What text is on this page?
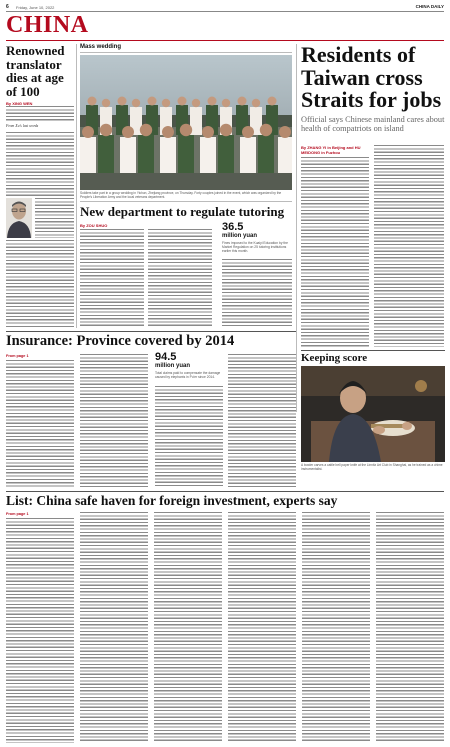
6 Friday, June 10, 2022	CHINA DAILY
CHINA
Renowned translator dies at age of 100
By XING WEN
From Xu's last words
Mass wedding
Soldiers take part in a group wedding in Yichun, Zhejiang province, on Thursday. Forty couples joined in the event, which was organized by the People's Liberation Army and the local veterans department.
New department to regulate tutoring
By ZOU SHUO	36.5
million yuan
Fines imposed to the Kuaiyi Education by the Market Regulation on 25 tutoring institutions earlier this month.
Residents of Taiwan cross Straits for jobs
Official says Chinese mainland cares about health of compatriots on island
By ZHANG YI in Beijing and HU MEIDONG in Fuzhou
Insurance: Province covered by 2014
From page 1	94.5
million yuan
Total claims paid to compensate the damage caused by elephants in Pu'er since 2014.
Keeping score
A bowler carves a cattle bell paper knife at the Linnitz Art Club in Shanghai, as he trained as a chime instrumentalist.
List: China safe haven for foreign investment, experts say
From page 1
